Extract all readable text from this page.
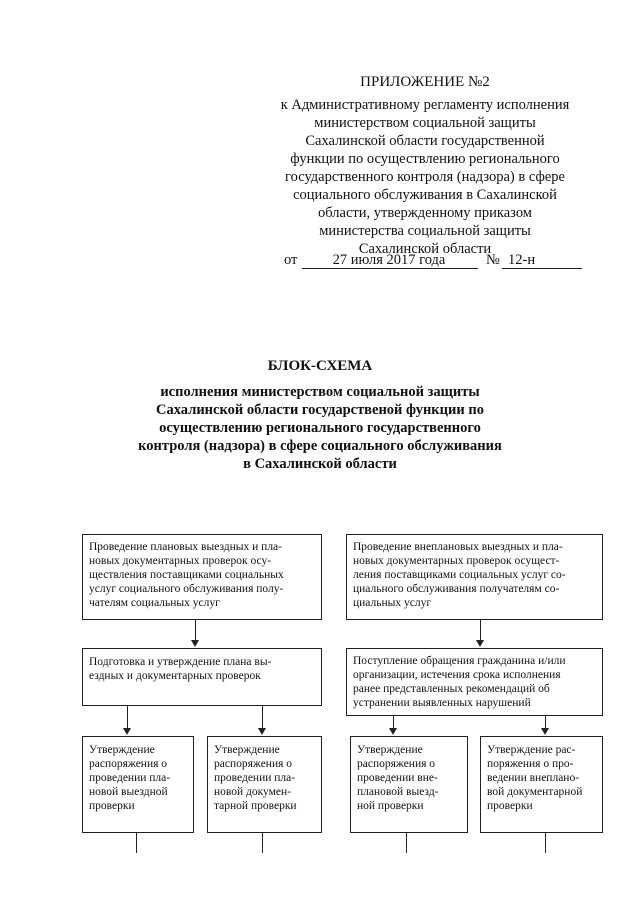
ПРИЛОЖЕНИЕ №2
к Административному регламенту исполнения
министерством социальной защиты
Сахалинской области государственной
функции по осуществлению регионального
государственного контроля (надзора) в сфере
социального обслуживания в Сахалинской
области, утвержденному приказом
министерства социальной защиты
Сахалинской области
от	27 июля 2017 года	№ 12-н
БЛОК-СХЕМА
исполнения министерством социальной защиты
Сахалинской области государственой функции по
осуществлению регионального государственного
контроля (надзора) в сфере социального обслуживания
в Сахалинской области
Проведение плановых выездных и пла-
новых документарных проверок осу-
ществления поставщиками социальных
услуг социального обслуживания полу-
чателям социальных услуг
Проведение внеплановых выездных и пла-
новых документарных проверок осущест-
ления поставщиками социальных услуг со-
циального обслуживания получателям со-
циальных услуг
Подготовка и утверждение плана вы-
ездных и документарных проверок
Поступление обращения гражданина и/или
организации, истечения срока исполнения
ранее представленных рекомендаций об
устранении выявленных нарушений
Утверждение
распоряжения о
проведении пла-
новой выездной
проверки
Утверждение
распоряжения о
проведении пла-
новой докумен-
тарной проверки
Утверждение
распоряжения о
проведении вне-
плановой выезд-
ной проверки
Утверждение рас-
поряжения о про-
ведении внеплано-
вой документарной
проверки
